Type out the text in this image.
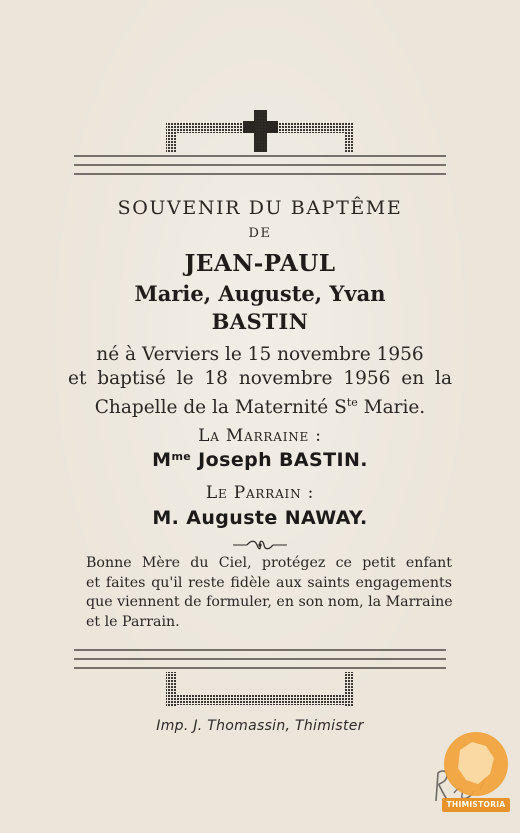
SOUVENIR DU BAPTÊME
DE
JEAN-PAUL
Marie, Auguste, Yvan
BASTIN
né à Verviers le 15 novembre 1956
et baptisé le 18 novembre 1956 en la
Chapelle de la Maternité $S^{te}$ Marie.
La Marraine :
$M^{me}$ Joseph BASTIN.
Le Parrain :
M. Auguste NAWAY.
Bonne Mère du Ciel, protégez ce petit enfant
et faites qu'il reste fidèle aux saints engagements
que viennent de formuler, en son nom, la Marraine
et le Parrain.
Imp. J. Thomassin, Thimister
THIMISTORIA
